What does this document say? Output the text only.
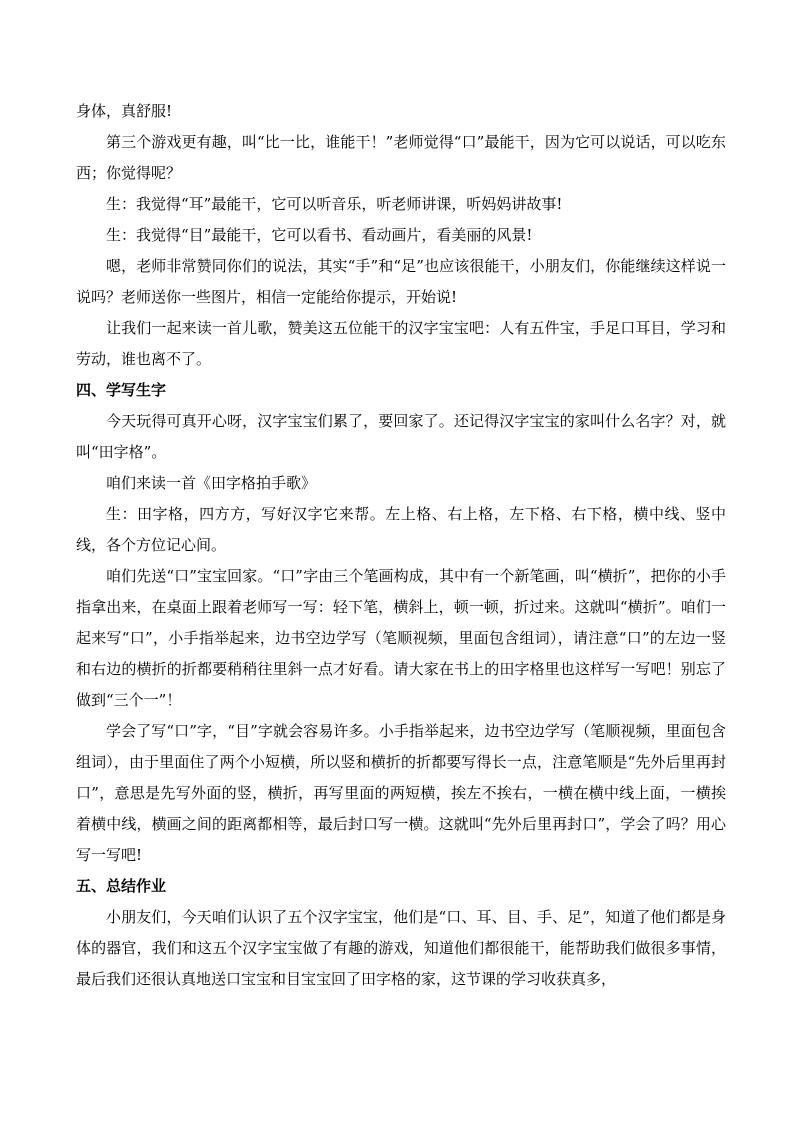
身体，真舒服!

第三个游戏更有趣，叫“比一比，谁能干！”老师觉得“口”最能干，因为它可以说话，可以吃东西；你觉得呢？

生：我觉得“耳”最能干，它可以听音乐，听老师讲课，听妈妈讲故事!

生：我觉得“目”最能干，它可以看书、看动画片，看美丽的风景!

嗯，老师非常赞同你们的说法，其实“手”和“足”也应该很能干，小朋友们，你能继续这样说一说吗？老师送你一些图片，相信一定能给你提示，开始说!

让我们一起来读一首儿歌，赞美这五位能干的汉字宝宝吧：人有五件宝，手足口耳目，学习和劳动，谁也离不了。

四、学写生字

今天玩得可真开心呀，汉字宝宝们累了，要回家了。还记得汉字宝宝的家叫什么名字？对，就叫“田字格”。

咱们来读一首《田字格拍手歌》

生：田字格，四方方，写好汉字它来帮。左上格、右上格，左下格、右下格，横中线、竖中线，各个方位记心间。

咱们先送“口”宝宝回家。“口”字由三个笔画构成，其中有一个新笔画，叫“横折”，把你的小手指拿出来，在桌面上跟着老师写一写：轻下笔，横斜上，顿一顿，折过来。这就叫“横折”。咱们一起来写“口”，小手指举起来，边书空边学写（笔顺视频，里面包含组词），请注意“口”的左边一竖和右边的横折的折都要稍稍往里斜一点才好看。请大家在书上的田字格里也这样写一写吧！别忘了做到“三个一”！

学会了写“口”字，“目”字就会容易许多。小手指举起来，边书空边学写（笔顺视频，里面包含组词），由于里面住了两个小短横，所以竖和横折的折都要写得长一点，注意笔顺是“先外后里再封口”，意思是先写外面的竖，横折，再写里面的两短横，挨左不挨右，一横在横中线上面，一横挨着横中线，横画之间的距离都相等，最后封口写一横。这就叫“先外后里再封口”，学会了吗？用心写一写吧!

五、总结作业

小朋友们，今天咱们认识了五个汉字宝宝，他们是“口、耳、目、手、足”，知道了他们都是身体的器官，我们和这五个汉字宝宝做了有趣的游戏，知道他们都很能干，能帮助我们做很多事情，最后我们还很认真地送口宝宝和目宝宝回了田字格的家，这节课的学习收获真多，
